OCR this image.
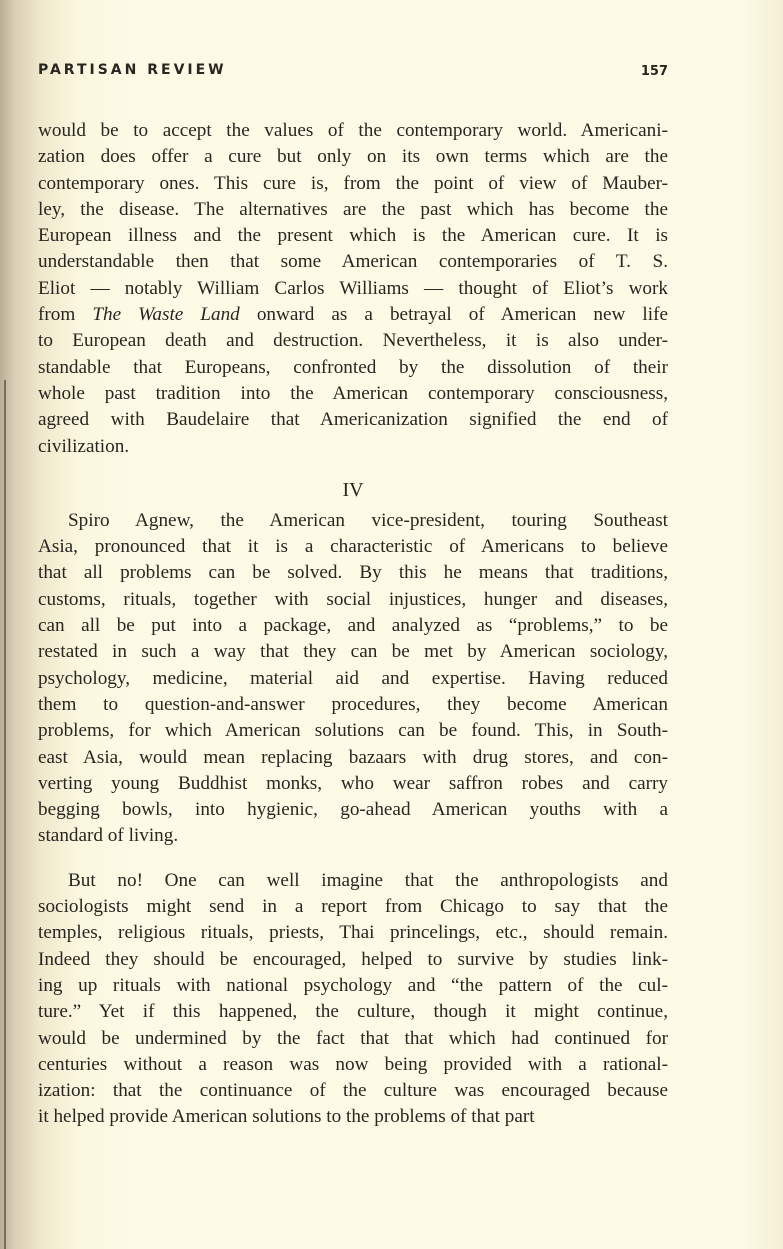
PARTISAN REVIEW	157
would be to accept the values of the contemporary world. Americani-
zation does offer a cure but only on its own terms which are the
contemporary ones. This cure is, from the point of view of Mauber-
ley, the disease. The alternatives are the past which has become the
European illness and the present which is the American cure. It is
understandable then that some American contemporaries of T. S.
Eliot — notably William Carlos Williams — thought of Eliot’s work
from The Waste Land onward as a betrayal of American new life
to European death and destruction. Nevertheless, it is also under-
standable that Europeans, confronted by the dissolution of their
whole past tradition into the American contemporary consciousness,
agreed with Baudelaire that Americanization signified the end of
civilization.
IV
Spiro Agnew, the American vice-president, touring Southeast
Asia, pronounced that it is a characteristic of Americans to believe
that all problems can be solved. By this he means that traditions,
customs, rituals, together with social injustices, hunger and diseases,
can all be put into a package, and analyzed as “problems,” to be
restated in such a way that they can be met by American sociology,
psychology, medicine, material aid and expertise. Having reduced
them to question-and-answer procedures, they become American
problems, for which American solutions can be found. This, in South-
east Asia, would mean replacing bazaars with drug stores, and con-
verting young Buddhist monks, who wear saffron robes and carry
begging bowls, into hygienic, go-ahead American youths with a
standard of living.
But no! One can well imagine that the anthropologists and
sociologists might send in a report from Chicago to say that the
temples, religious rituals, priests, Thai princelings, etc., should remain.
Indeed they should be encouraged, helped to survive by studies link-
ing up rituals with national psychology and “the pattern of the cul-
ture.” Yet if this happened, the culture, though it might continue,
would be undermined by the fact that that which had continued for
centuries without a reason was now being provided with a rational-
ization: that the continuance of the culture was encouraged because
it helped provide American solutions to the problems of that part
